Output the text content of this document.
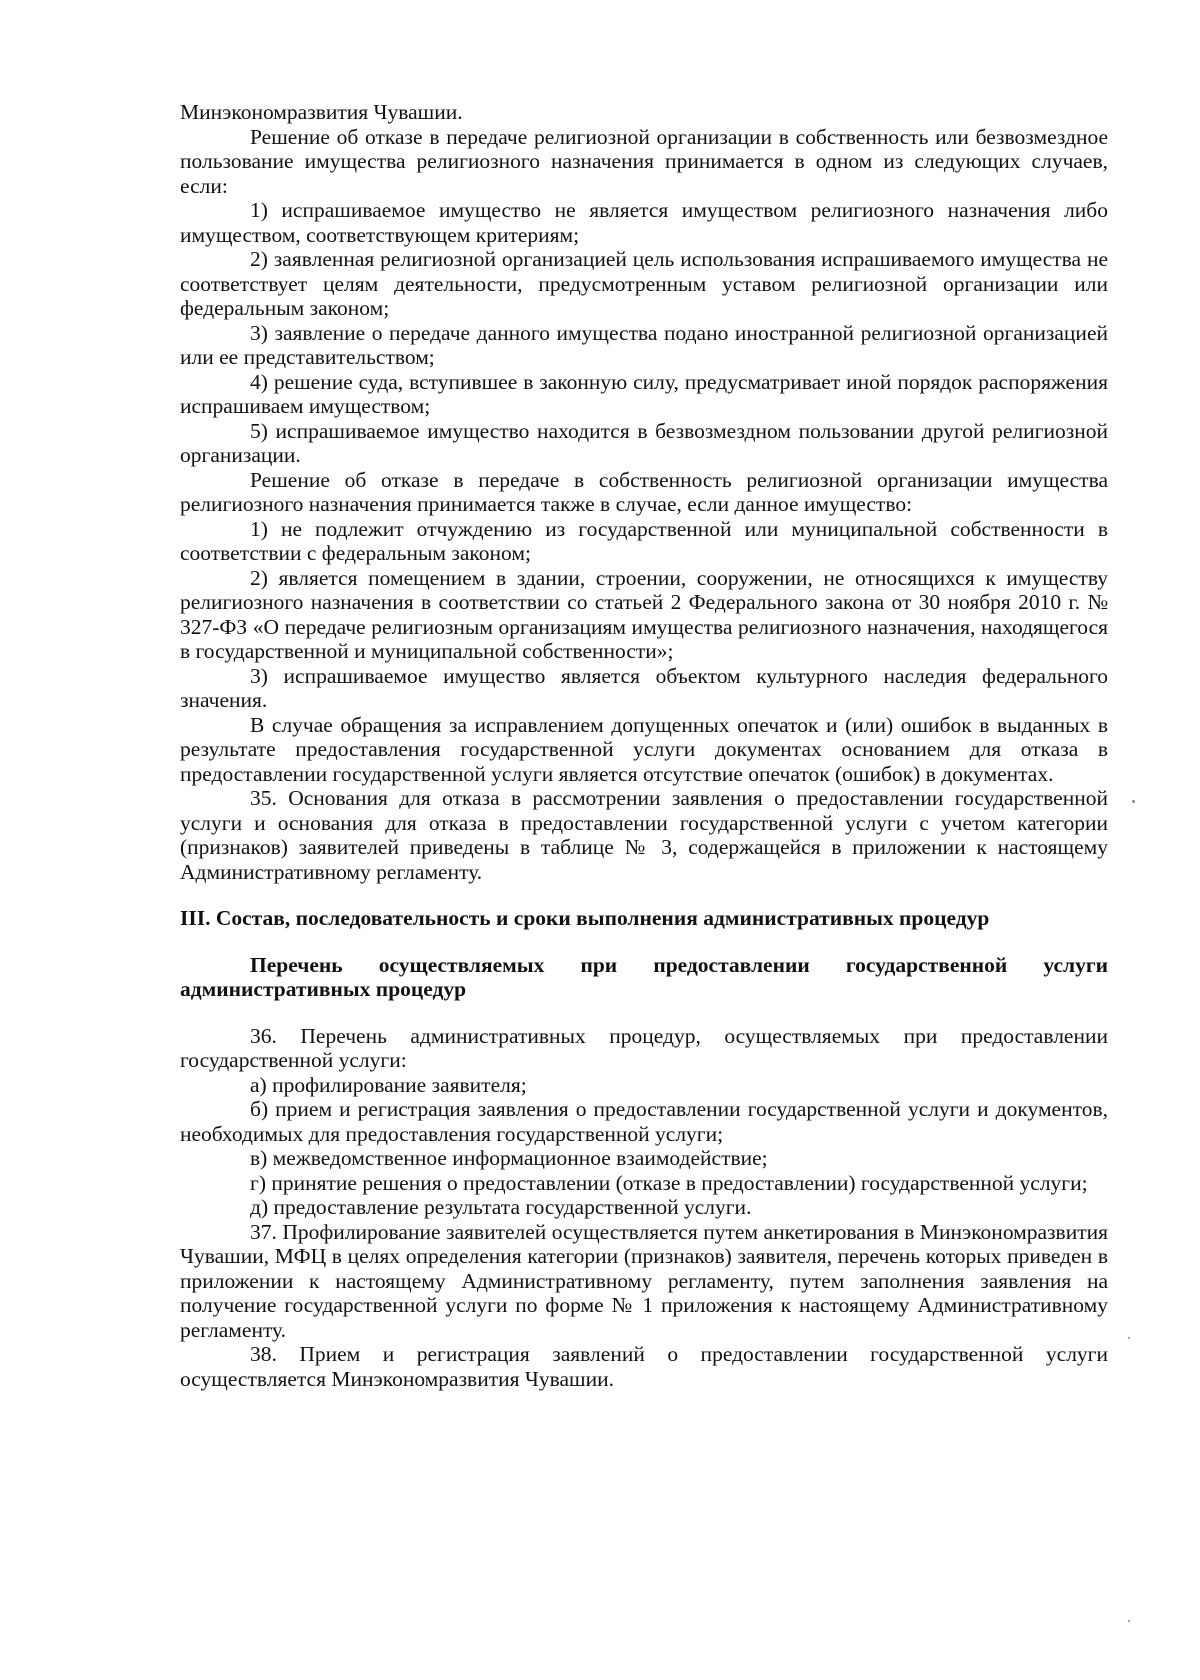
Минэкономразвития Чувашии.

Решение об отказе в передаче религиозной организации в собственность или безвозмездное пользование имущества религиозного назначения принимается в одном из следующих случаев, если:

1) испрашиваемое имущество не является имуществом религиозного назначения либо имуществом, соответствующем критериям;

2) заявленная религиозной организацией цель использования испрашиваемого имущества не соответствует целям деятельности, предусмотренным уставом религиозной организации или федеральным законом;

3) заявление о передаче данного имущества подано иностранной религиозной организацией или ее представительством;

4) решение суда, вступившее в законную силу, предусматривает иной порядок распоряжения испрашиваем имуществом;

5) испрашиваемое имущество находится в безвозмездном пользовании другой религиозной организации.

Решение об отказе в передаче в собственность религиозной организации имущества религиозного назначения принимается также в случае, если данное имущество:

1) не подлежит отчуждению из государственной или муниципальной собственности в соответствии с федеральным законом;

2) является помещением в здании, строении, сооружении, не относящихся к имуществу религиозного назначения в соответствии со статьей 2 Федерального закона от 30 ноября 2010 г. № 327-ФЗ «О передаче религиозным организациям имущества религиозного назначения, находящегося в государственной и муниципальной собственности»;

3) испрашиваемое имущество является объектом культурного наследия федерального значения.

В случае обращения за исправлением допущенных опечаток и (или) ошибок в выданных в результате предоставления государственной услуги документах основанием для отказа в предоставлении государственной услуги является отсутствие опечаток (ошибок) в документах.

35. Основания для отказа в рассмотрении заявления о предоставлении государственной услуги и основания для отказа в предоставлении государственной услуги с учетом категории (признаков) заявителей приведены в таблице № 3, содержащейся в приложении к настоящему Административному регламенту.

III. Состав, последовательность и сроки выполнения административных процедур

Перечень осуществляемых при предоставлении государственной услуги административных процедур

36. Перечень административных процедур, осуществляемых при предоставлении государственной услуги:

а) профилирование заявителя;

б) прием и регистрация заявления о предоставлении государственной услуги и документов, необходимых для предоставления государственной услуги;

в) межведомственное информационное взаимодействие;

г) принятие решения о предоставлении (отказе в предоставлении) государственной услуги;

д) предоставление результата государственной услуги.

37. Профилирование заявителей осуществляется путем анкетирования в Минэкономразвития Чувашии, МФЦ в целях определения категории (признаков) заявителя, перечень которых приведен в приложении к настоящему Административному регламенту, путем заполнения заявления на получение государственной услуги по форме № 1 приложения к настоящему Административному регламенту.

38. Прием и регистрация заявлений о предоставлении государственной услуги осуществляется Минэкономразвития Чувашии.
